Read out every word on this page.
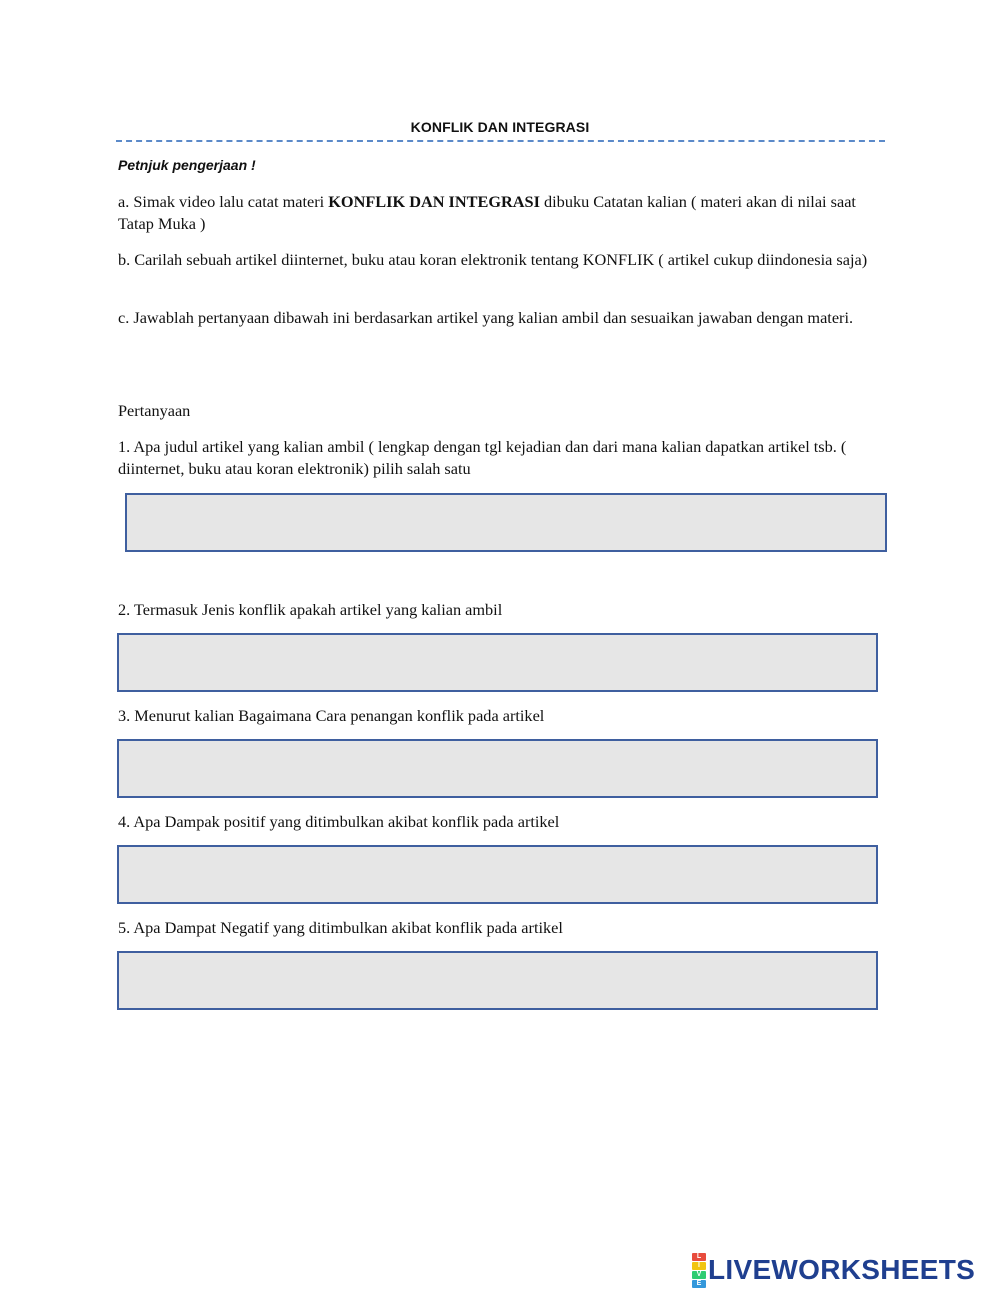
KONFLIK DAN INTEGRASI
Petnjuk pengerjaan !
a. Simak video lalu catat materi KONFLIK DAN INTEGRASI dibuku Catatan kalian ( materi akan di nilai saat Tatap Muka )
b. Carilah sebuah artikel diinternet, buku atau koran elektronik tentang KONFLIK ( artikel cukup diindonesia saja)
c. Jawablah pertanyaan dibawah ini berdasarkan artikel yang kalian ambil dan sesuaikan jawaban dengan materi.
Pertanyaan
1. Apa judul artikel yang kalian ambil ( lengkap dengan tgl kejadian dan dari mana kalian dapatkan artikel tsb. ( diinternet, buku atau koran elektronik) pilih salah satu
2. Termasuk Jenis konflik apakah artikel yang kalian ambil
3. Menurut kalian Bagaimana Cara penangan konflik pada artikel
4. Apa Dampak positif yang ditimbulkan akibat konflik pada artikel
5. Apa Dampat Negatif yang ditimbulkan akibat konflik pada artikel
L
I
V
E LIVEWORKSHEETS
